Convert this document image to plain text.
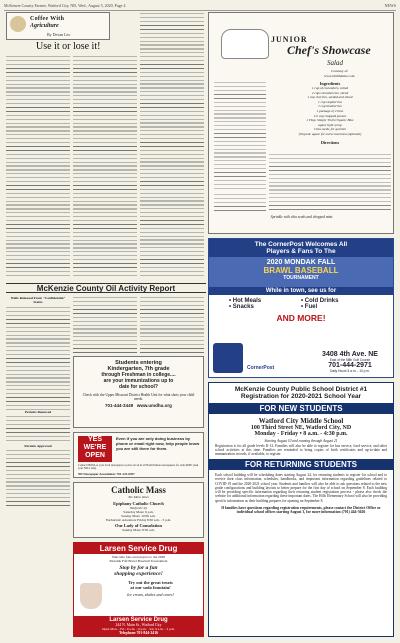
McKenzie County Farmer, Watford City, ND, Wed., August 5, 2020, Page 4	NEWS
Coffee With
Agriculture
By Devan Leo
Use it or lose it!
JUNIOR
Chef's Showcase
Salad
Courtesy of:
www.bhtlifetime.com
Ingredients
1 cup of cucumbers, cubed
2 cups strawberries, sliced
1 cup cherries, seeded and sliced
1 cup raspberries
1 cup blueberries
1 package of 2 lime
1/2 cup chopped pecans
1 Tbsp. Simply Truth Organic Blue
agave light syrup
Chia seeds, for garnish
(Organic agave for extra sweetness (optional)
Directions
Sprinkle with chia seeds and chopped mint.
McKenzie County Oil Activity Report
Wells Released From "Confidential" Status
Permits Renewed
Permits Approved
Students entering
Kindergarten, 7th grade
through Freshman in college....
are your immunizations up to
date for school?
Check with the Upper Missouri District Health Unit for what shots your child needs.
701-444-3449 www.umdhu.org
YES
WE'RE
OPEN
Even if you are only doing business by phone or email right now, help people know you are still there for them.
Contact NDNA or your local newspaper to place an ad in all North Dakota newspapers for only $940! (Ask your ND-2 size)
ND Newspaper Association: 701-223-6397
Catholic Mass
Ten Mass times
Epiphany Catholic Church
Watford City
Saturday Mass: 6 p.m.
Sunday Mass: 10:00 a.m.
Eucharistic Adoration: Friday 8:30 a.m. - 5 p.m.
Our Lady of Consolation
Sunday Mass: 8:30 a.m.
Larsen Service Drug
Welcome fans and players to the 2020
Mondak Fall Brawl Baseball Tournament
Stop by for a fun
shopping experience!
Try out the great treats
at our soda fountain!
Ice cream, shakes and cones!
Larsen Service Drug
244 N. Main St., Watford City
Open Mon. - Fri.: 9 a.m. - 6 p.m. Sat. 9 a.m. - 3 p.m.
Telephone 701-844-2416
The CornerPost Welcomes All
Players & Fans To The
2020 MONDAK FALL
BRAWL BASEBALL
TOURNAMENT
While in town, see us for
• Hot Meals	• Cold Drinks
• Snacks	• Fuel
AND MORE!
CornerPost
3408 4th Ave. NE
East of the 58th Golf Course
701-444-2971
Daily Hours 5 a.m. - 10 p.m.
McKenzie County Public School District #1
Registration for 2020-2021 School Year
FOR NEW STUDENTS
Watford City Middle School
100 Third Street NE, Watford City, ND
Monday - Friday • 8 a.m. - 4:30 p.m.
Starting August 10 and running through August 21
Registration is for all grade levels K-12. Families will also be able to register for bus service, food service, and other school activities at this time. Families are reminded to bring copies of birth certificates and up-to-date and immunization records, if available, to register.
FOR RETURNING STUDENTS
Each school building will be scheduling dates starting August 24, for returning students to register for school and to receive their class information, schedules, handbooks, and important information regarding guidelines related to COVID-19 and the 2020-2021 school year. Students and families will also be able to ask questions related to the new grade configurations and building layouts to better prepare for the first day of school on September 8. Each building will be providing specific information regarding their returning student registration process - please also check the website for additional information regarding these important dates. The Hills Elementary School will also be providing specific information as their building prepares for opening on September 8.
If families have questions regarding registration requirements, please contact the District Office or individual school offices starting August 3, for more information (701) 444-3626
